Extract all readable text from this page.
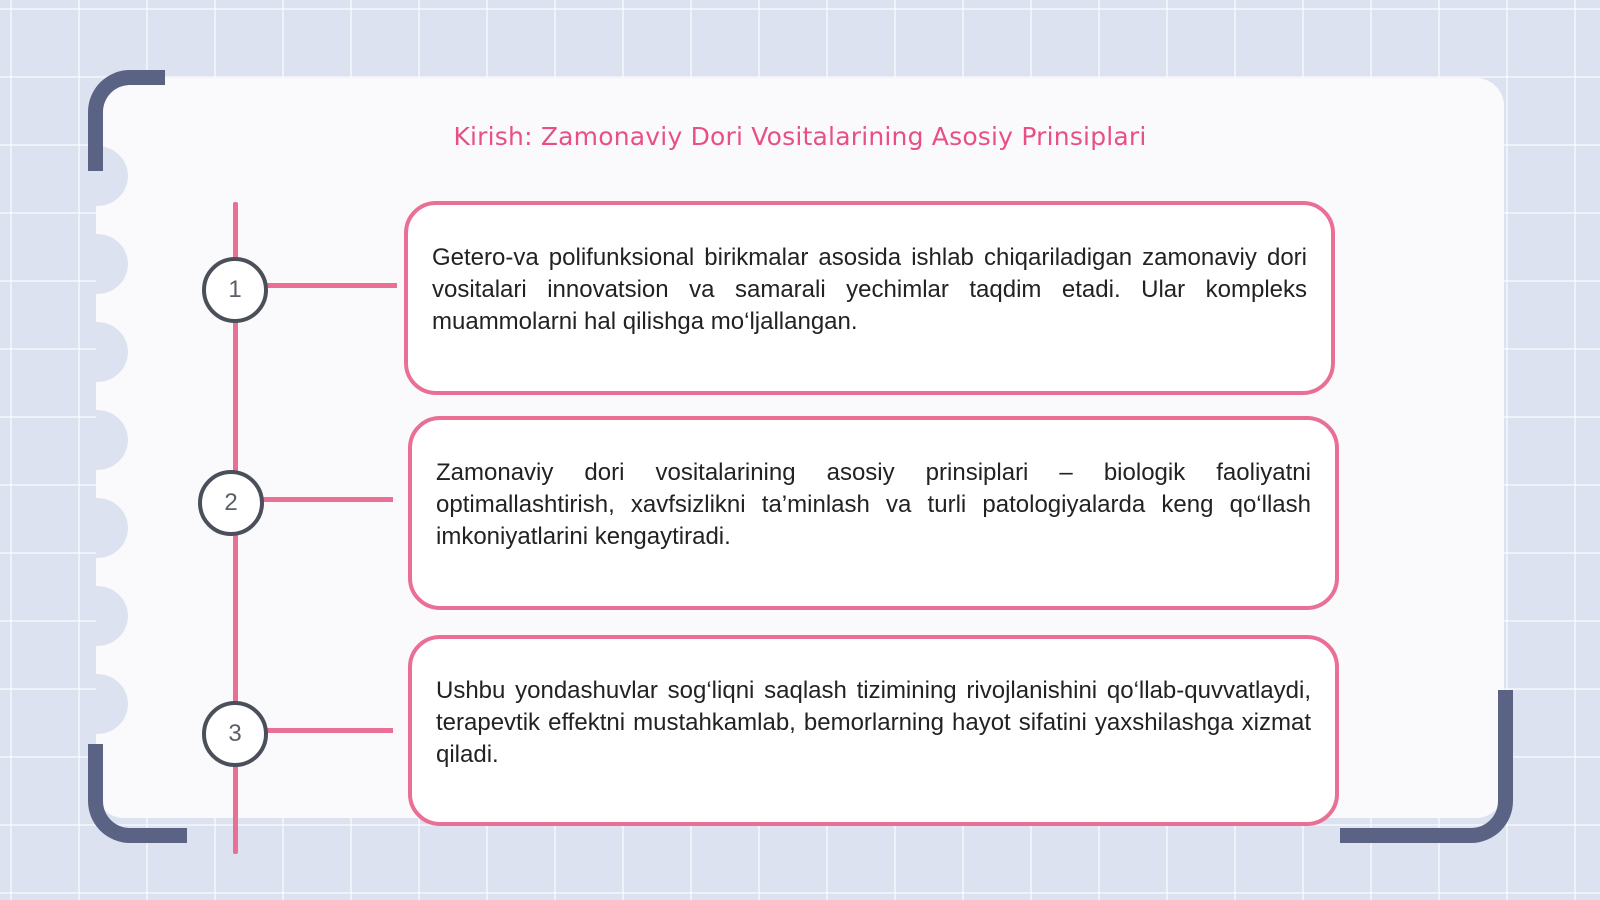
Kirish: Zamonaviy Dori Vositalarining Asosiy Prinsiplari
1

Getero-va polifunksional birikmalar asosida ishlab chiqariladigan zamonaviy dori vositalari innovatsion va samarali yechimlar taqdim etadi. Ular kompleks muammolarni hal qilishga mo‘ljallangan.

2

Zamonaviy dori vositalarining asosiy prinsiplari – biologik faoliyatni optimallashtirish, xavfsizlikni ta’minlash va turli patologiyalarda keng qo‘llash imkoniyatlarini kengaytiradi.

3

Ushbu yondashuvlar sog‘liqni saqlash tizimining rivojlanishini qo‘llab-quvvatlaydi, terapevtik effektni mustahkamlab, bemorlarning hayot sifatini yaxshilashga xizmat qiladi.
